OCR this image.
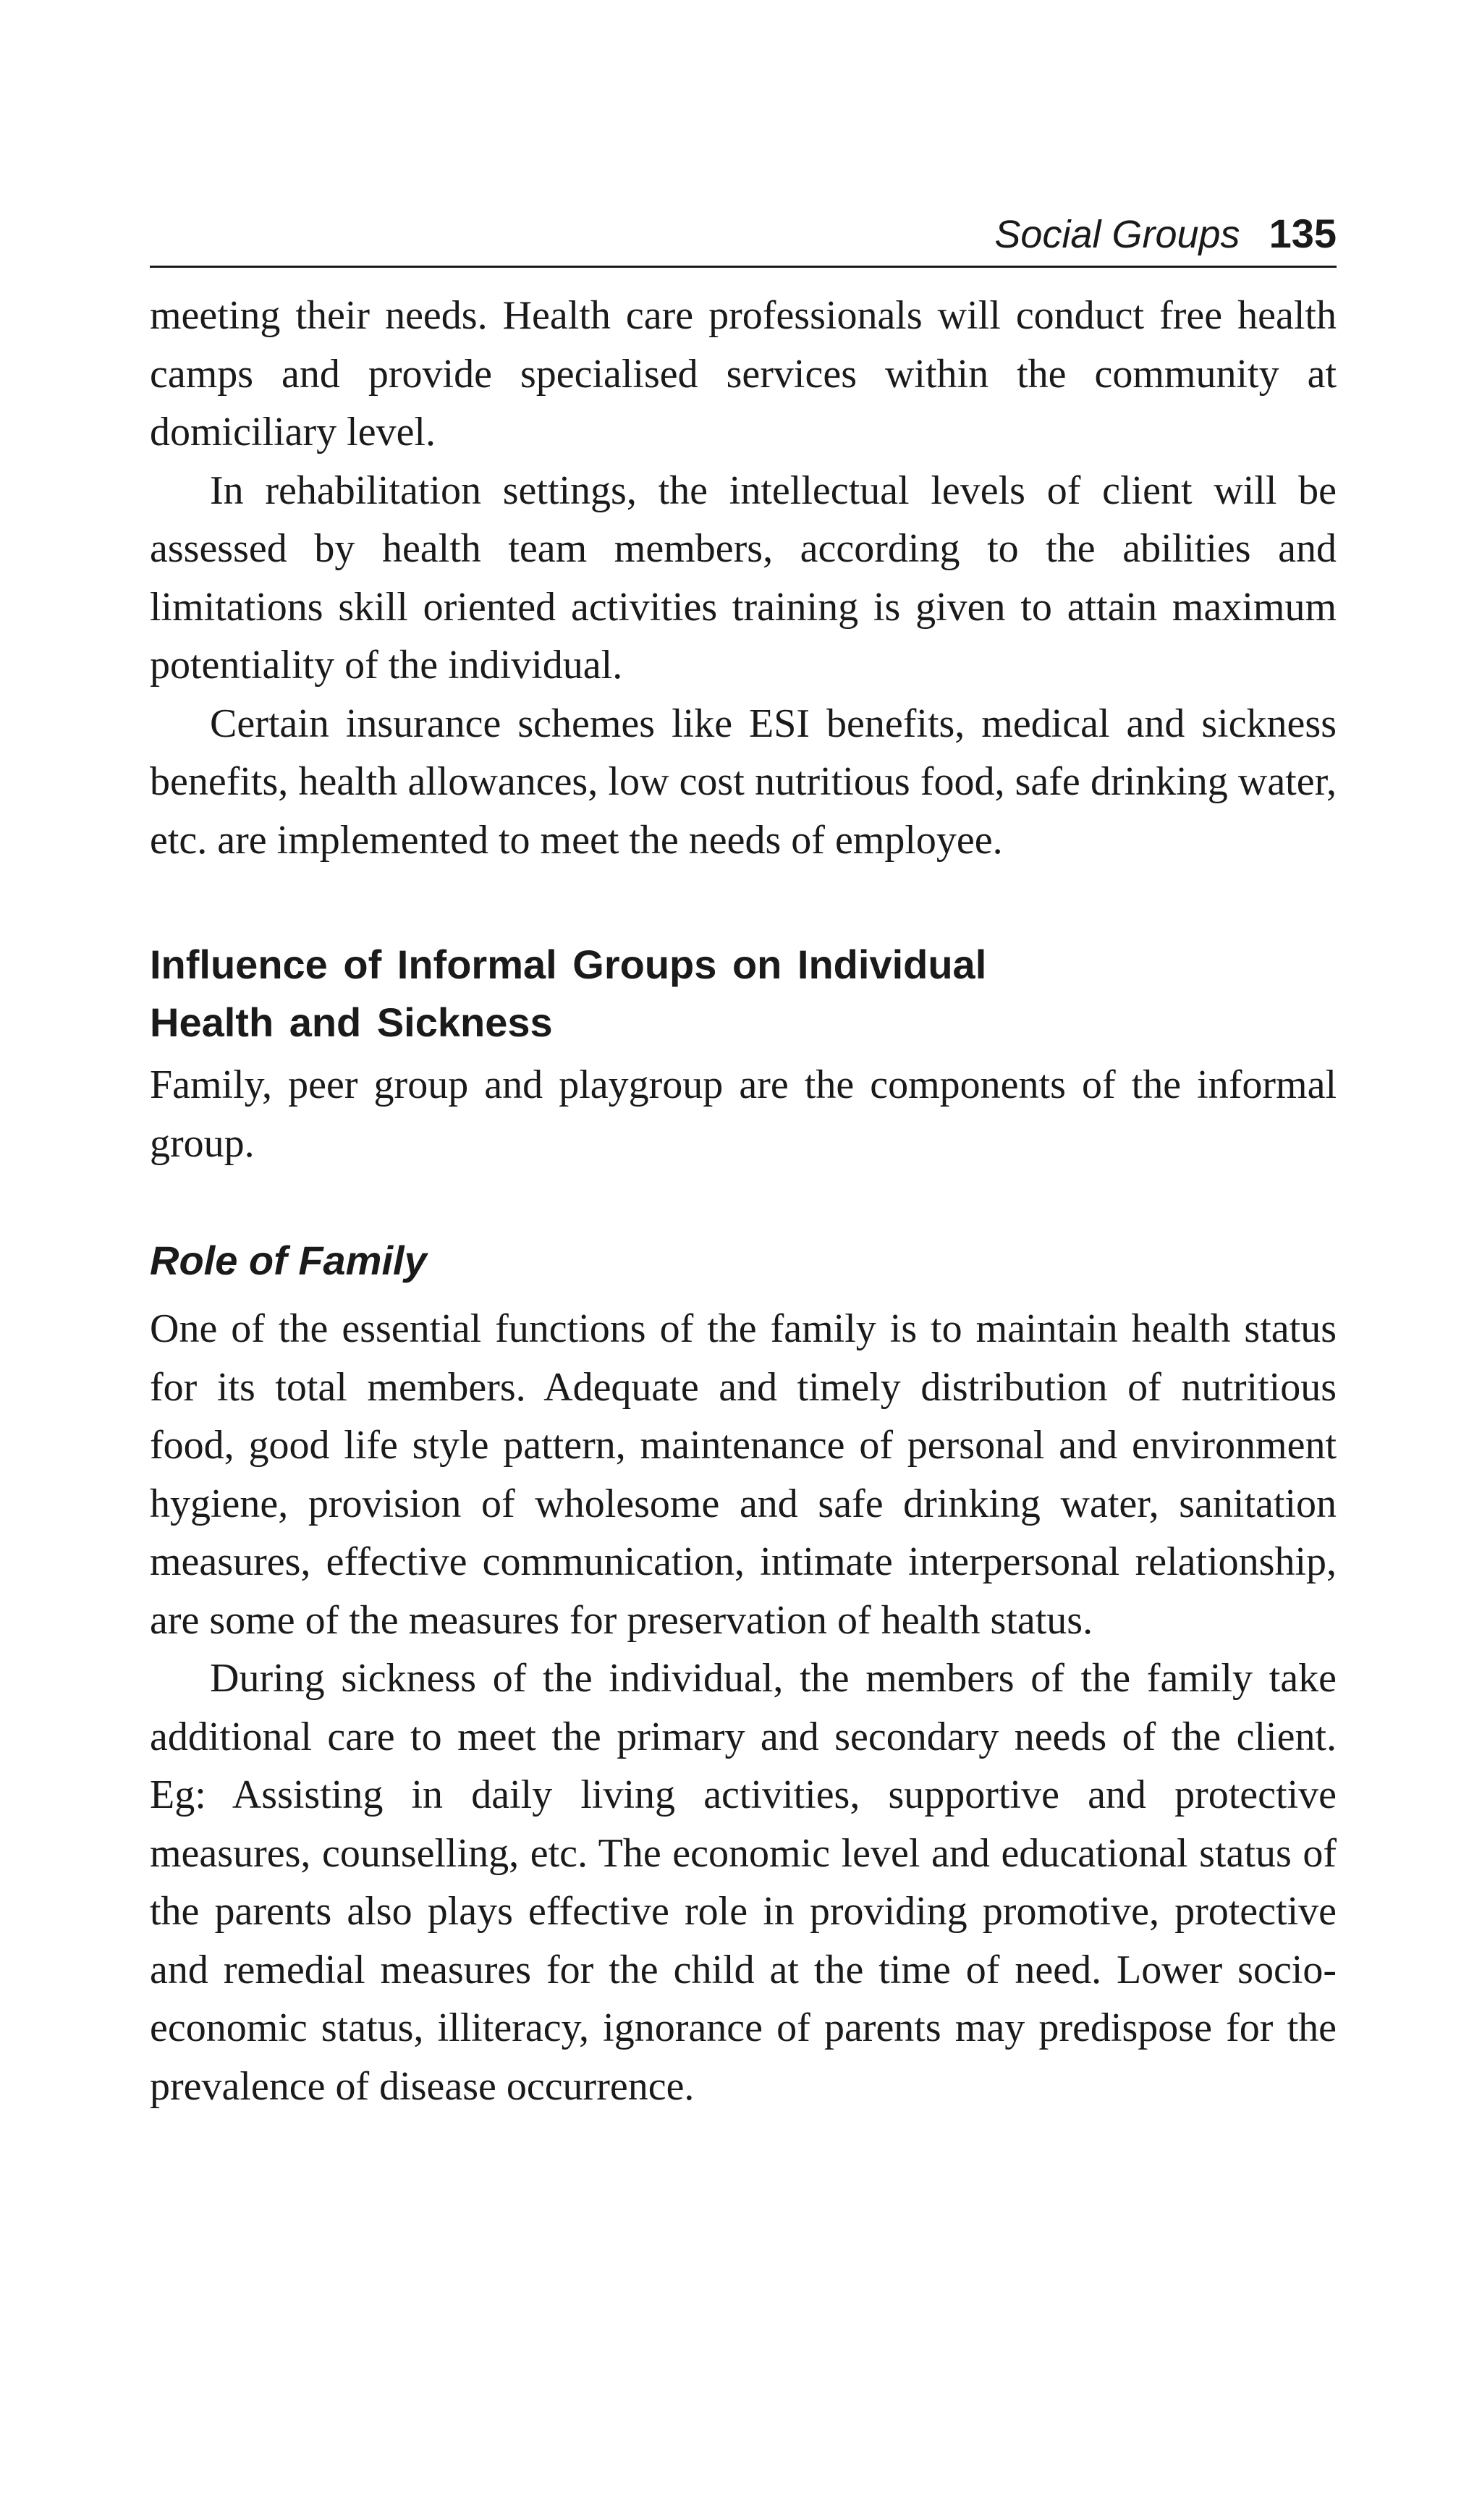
Social Groups 135

meeting their needs. Health care professionals will conduct free health camps and provide specialised services within the community at domiciliary level.

In rehabilitation settings, the intellectual levels of client will be assessed by health team members, according to the abilities and limitations skill oriented activities training is given to attain maximum potentiality of the individual.

Certain insurance schemes like ESI benefits, medical and sickness benefits, health allowances, low cost nutritious food, safe drinking water, etc. are implemented to meet the needs of employee.

Influence of Informal Groups on Individual
Health and Sickness

Family, peer group and playgroup are the components of the informal group.

Role of Family

One of the essential functions of the family is to maintain health status for its total members. Adequate and timely distribution of nutritious food, good life style pattern, maintenance of personal and environment hygiene, provision of wholesome and safe drinking water, sanitation measures, effective communication, intimate interpersonal relationship, are some of the measures for preservation of health status.

During sickness of the individual, the members of the family take additional care to meet the primary and secondary needs of the client. Eg: Assisting in daily living activities, supportive and protective measures, counselling, etc. The economic level and educational status of the parents also plays effective role in providing promotive, protective and remedial measures for the child at the time of need. Lower socio-economic status, illiteracy, ignorance of parents may predispose for the prevalence of disease occurrence.
